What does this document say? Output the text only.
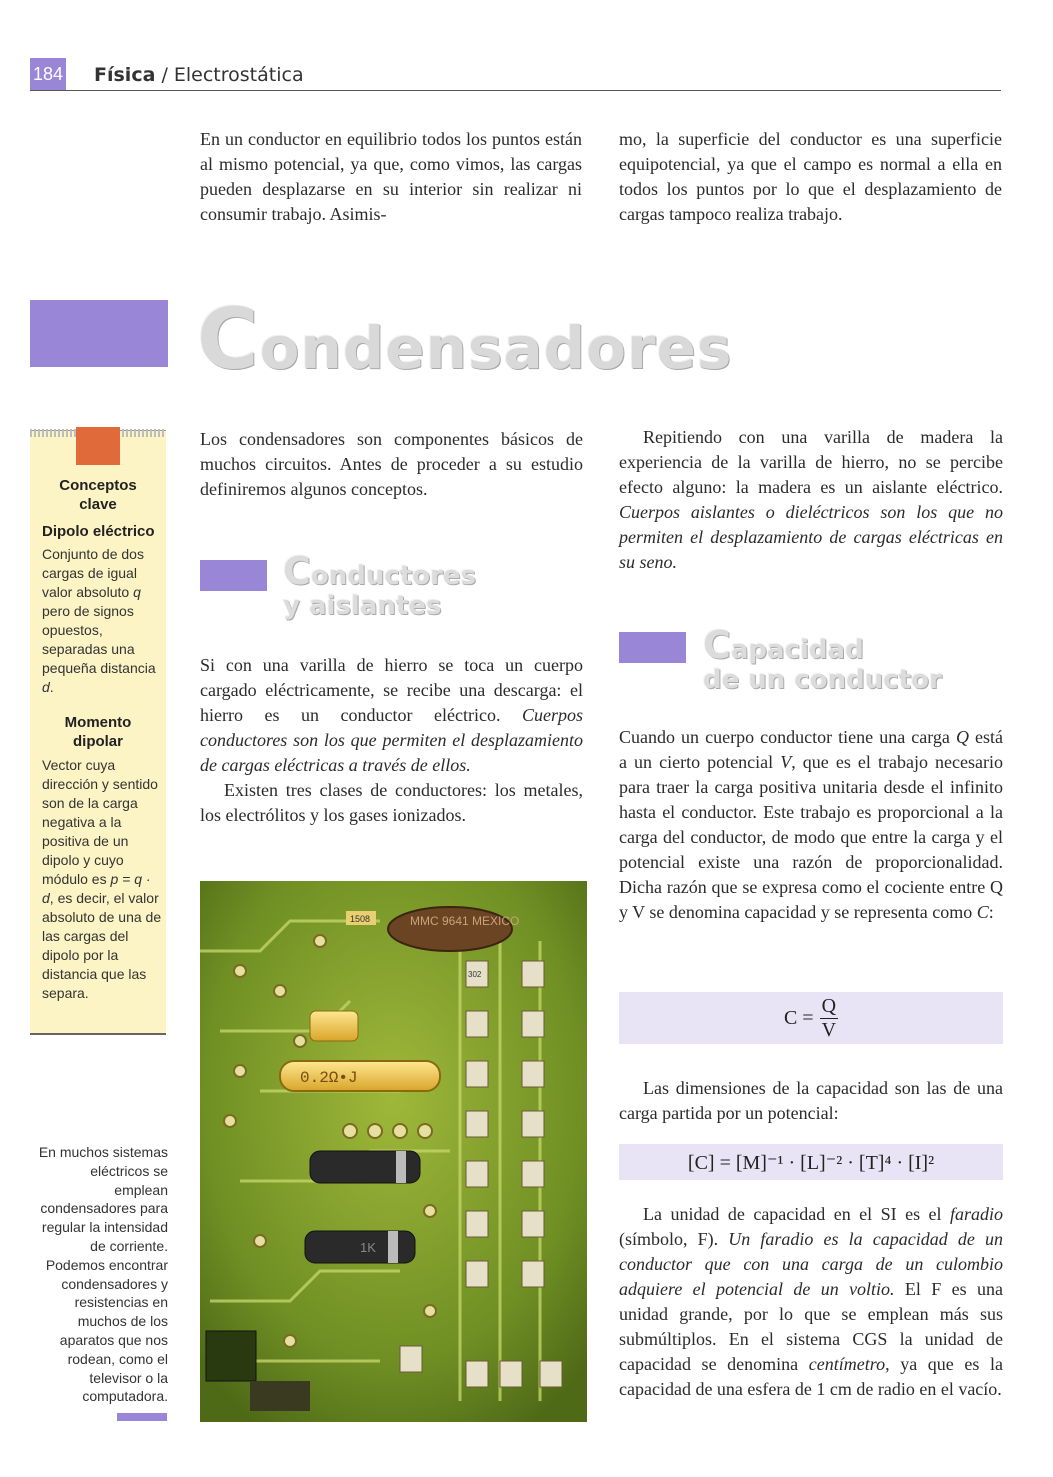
184 Física / Electrostática

En un conductor en equilibrio todos los puntos están al mismo potencial, ya que, como vimos, las cargas pueden desplazarse en su interior sin realizar ni consumir trabajo. Asimis-

mo, la superficie del conductor es una superficie equipotencial, ya que el campo es normal a ella en todos los puntos por lo que el desplazamiento de cargas tampoco realiza trabajo.

Condensadores
Conceptos clave
Dipolo eléctrico
Conjunto de dos cargas de igual valor absoluto q pero de signos opuestos, separadas una pequeña distancia d.
Momento dipolar
Vector cuya dirección y sentido son de la carga negativa a la positiva de un dipolo y cuyo módulo es p = q · d, es decir, el valor absoluto de una de las cargas del dipolo por la distancia que las separa.

Los condensadores son componentes básicos de muchos circuitos. Antes de proceder a su estudio definiremos algunos conceptos.

Conductores
y aislantes

Si con una varilla de hierro se toca un cuerpo cargado eléctricamente, se recibe una descarga: el hierro es un conductor eléctrico. Cuerpos conductores son los que permiten el desplazamiento de cargas eléctricas a través de ellos.

Existen tres clases de conductores: los metales, los electrólitos y los gases ionizados.

En muchos sistemas eléctricos se emplean condensadores para regular la intensidad de corriente. Podemos encontrar condensadores y resistencias en muchos de los aparatos que nos rodean, como el televisor o la computadora.
MMC 9641 MEXICO
1508
0.2Ω•J
1K
302

Repitiendo con una varilla de madera la experiencia de la varilla de hierro, no se percibe efecto alguno: la madera es un aislante eléctrico. Cuerpos aislantes o dieléctricos son los que no permiten el desplazamiento de cargas eléctricas en su seno.

Capacidad
de un conductor

Cuando un cuerpo conductor tiene una carga Q está a un cierto potencial V, que es el trabajo necesario para traer la carga positiva unitaria desde el infinito hasta el conductor. Este trabajo es proporcional a la carga del conductor, de modo que entre la carga y el potencial existe una razón de proporcionalidad. Dicha razón que se expresa como el cociente entre Q y V se denomina capacidad y se representa como C:

$C = \frac{Q}{V}$

Las dimensiones de la capacidad son las de una carga partida por un potencial:

[C] = [M]⁻¹ · [L]⁻² · [T]⁴ · [I]²

La unidad de capacidad en el SI es el faradio (símbolo, F). Un faradio es la capacidad de un conductor que con una carga de un culombio adquiere el potencial de un voltio. El F es una unidad grande, por lo que se emplean más sus submúltiplos. En el sistema CGS la unidad de capacidad se denomina centímetro, ya que es la capacidad de una esfera de 1 cm de radio en el vacío.
